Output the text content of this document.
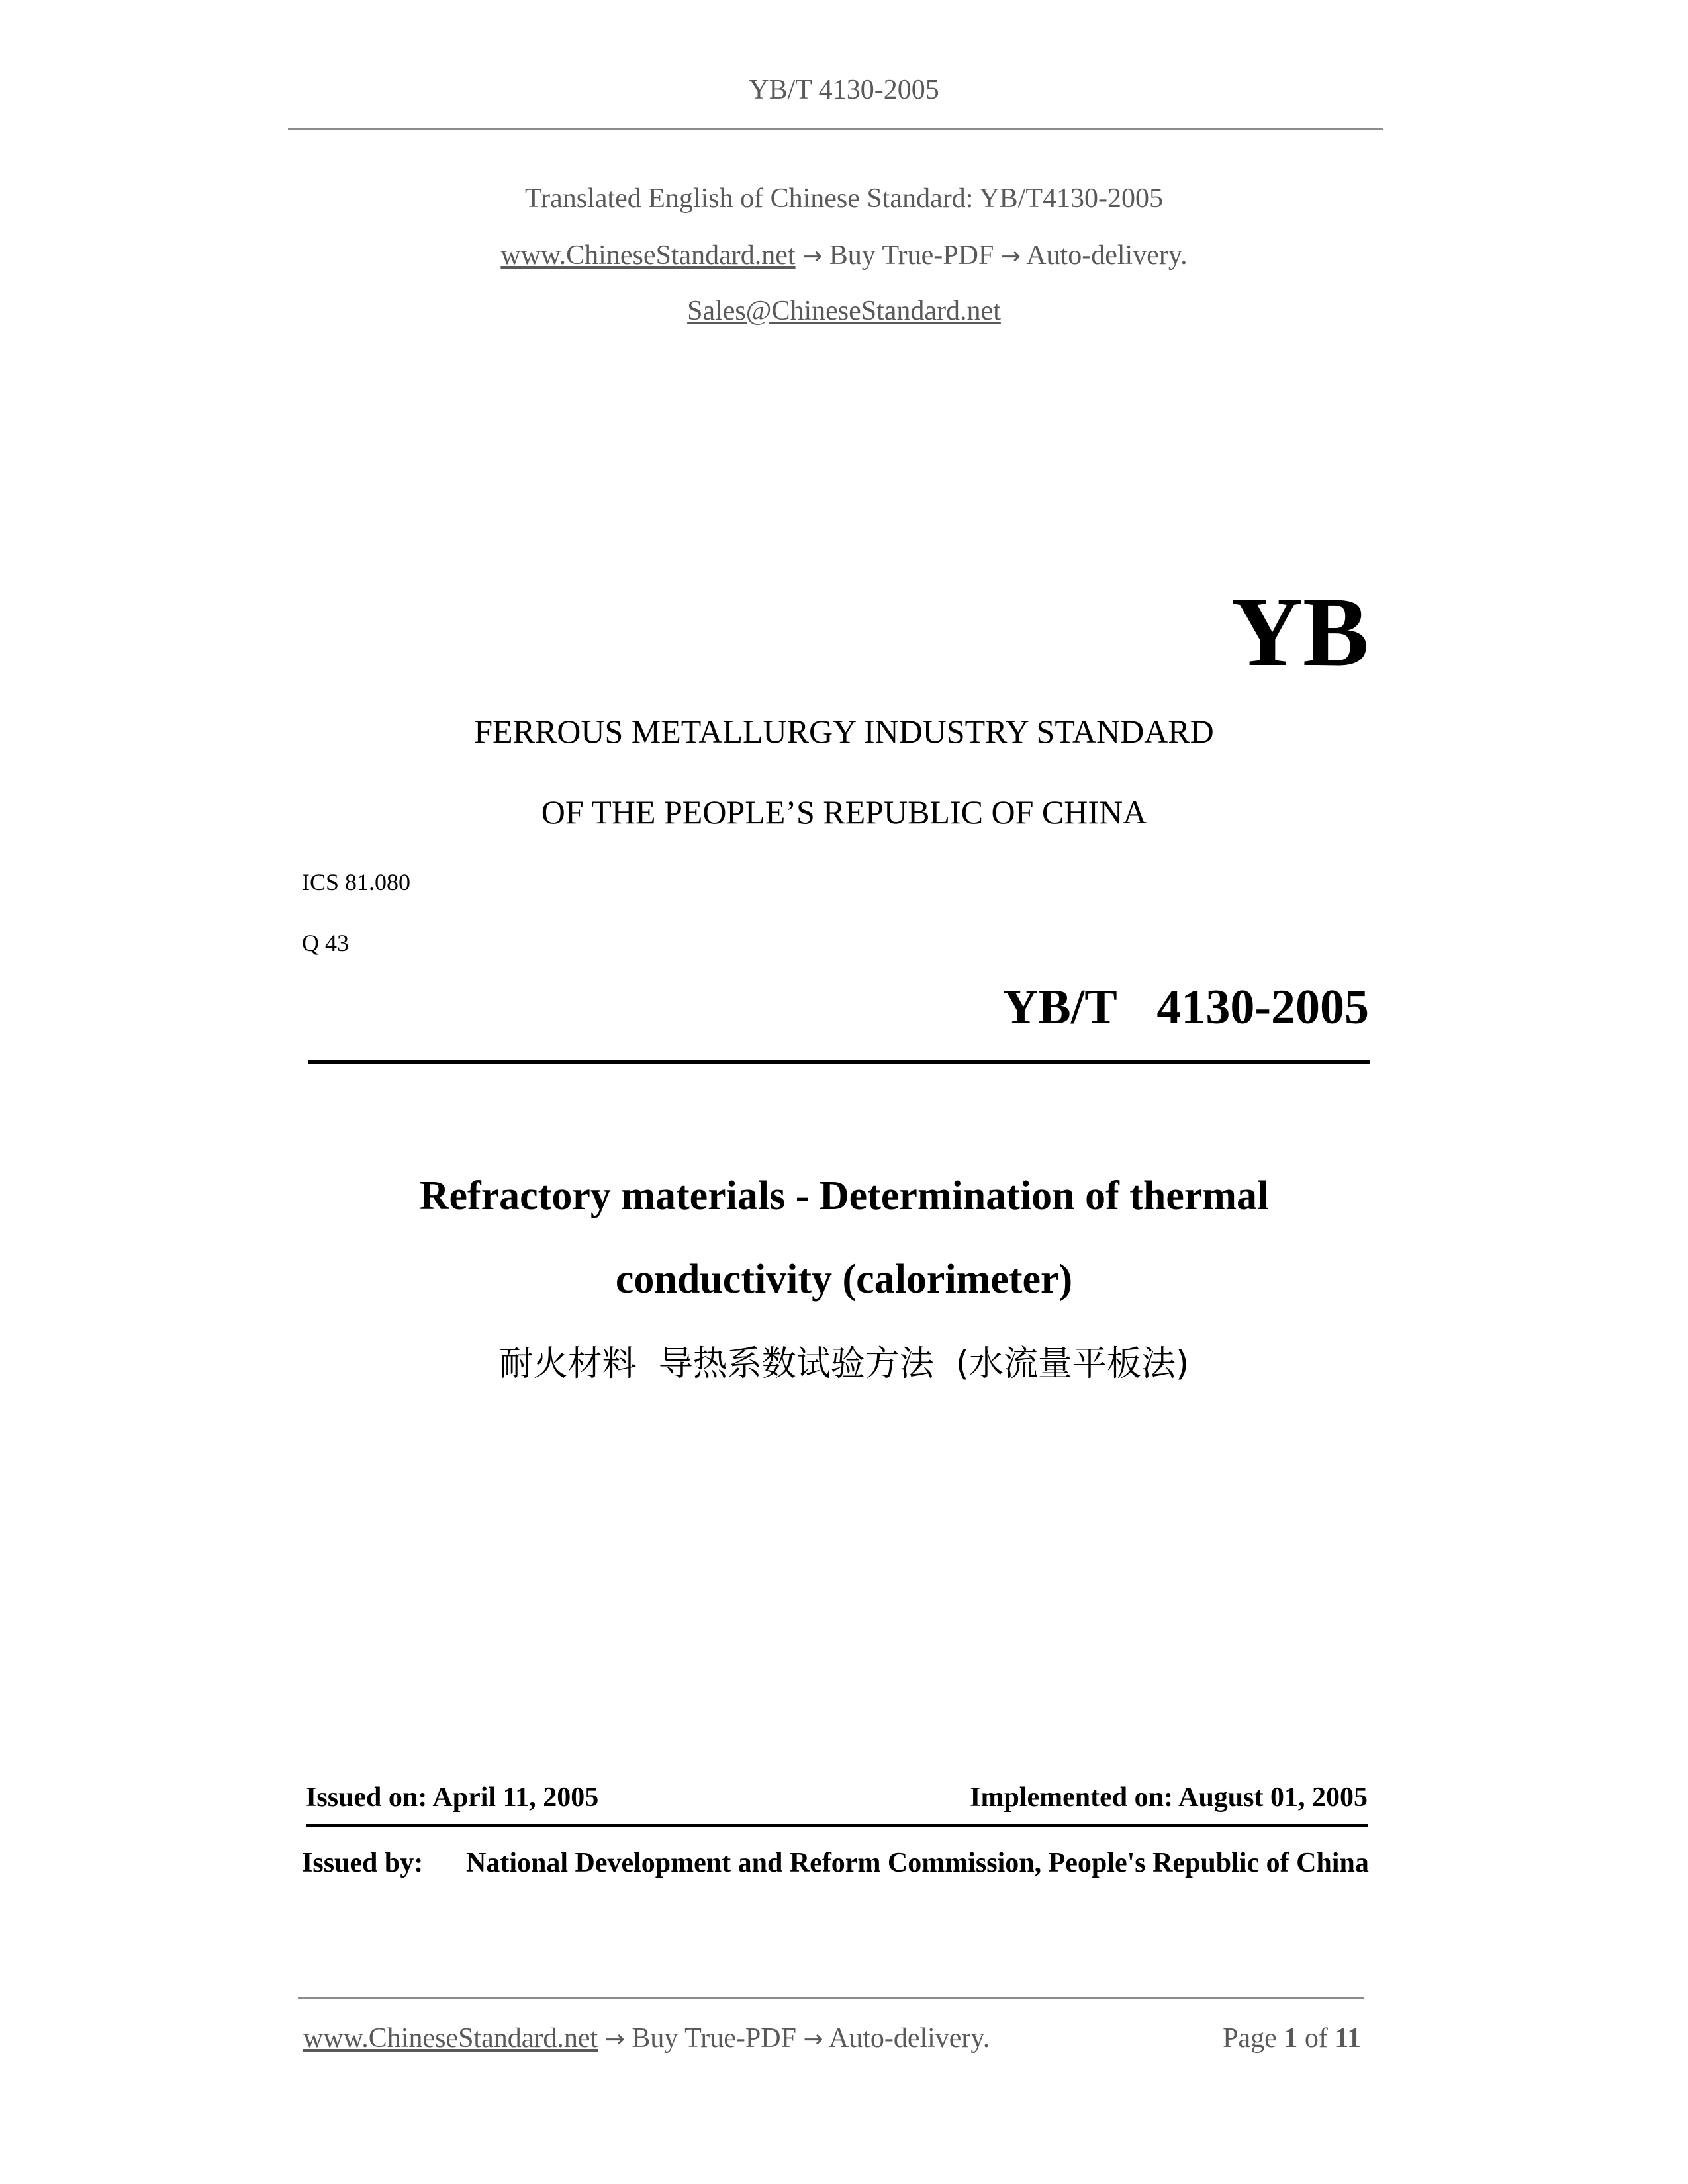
YB/T 4130-2005
Translated English of Chinese Standard: YB/T4130-2005
www.ChineseStandard.net → Buy True-PDF → Auto-delivery.
Sales@ChineseStandard.net
YB
FERROUS METALLURGY INDUSTRY STANDARD
OF THE PEOPLE’S REPUBLIC OF CHINA
ICS 81.080
Q 43
YB/T  4130-2005
Refractory materials - Determination of thermal
conductivity (calorimeter)
耐火材料  导热系数试验方法  (水流量平板法)
Issued on: April 11, 2005	Implemented on: August 01, 2005
Issued by: National Development and Reform Commission, People's Republic of China
www.ChineseStandard.net → Buy True-PDF → Auto-delivery.	Page 1 of 11
